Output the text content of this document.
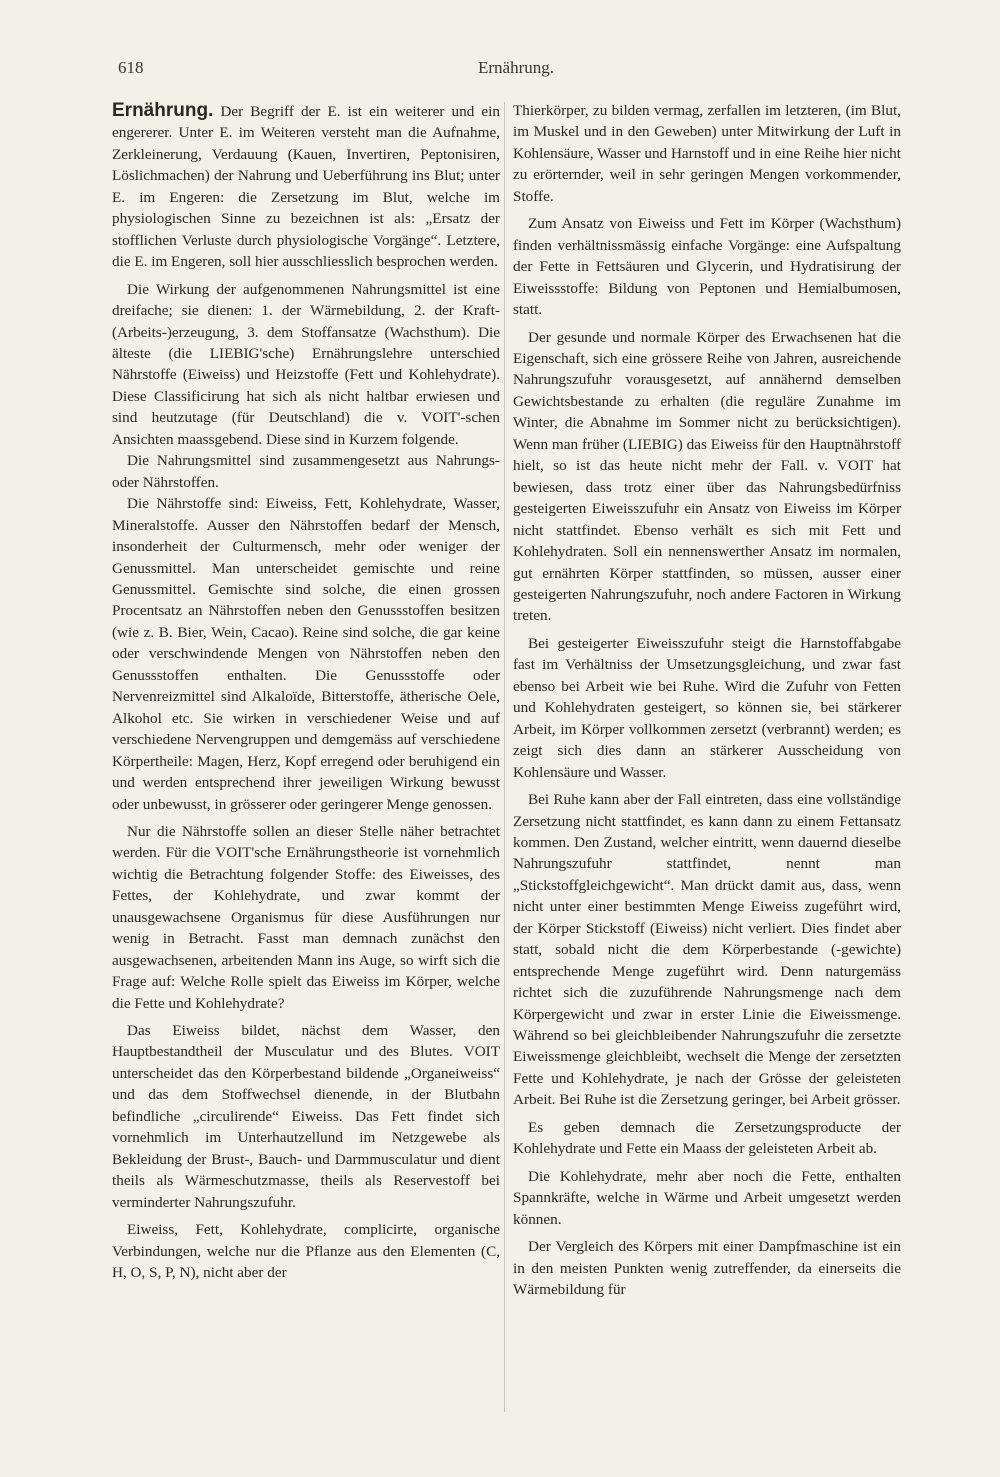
618	Ernährung.

Ernährung. Der Begriff der E. ist ein weiterer und ein engererer. Unter E. im Weiteren versteht man die Aufnahme, Zerkleinerung, Verdauung (Kauen, Invertiren, Peptonisiren, Löslichmachen) der Nahrung und Ueberführung ins Blut; unter E. im Engeren: die Zersetzung im Blut, welche im physiologischen Sinne zu bezeichnen ist als: „Ersatz der stofflichen Verluste durch physiologische Vorgänge“. Letztere, die E. im Engeren, soll hier ausschliesslich besprochen werden.

Die Wirkung der aufgenommenen Nahrungsmittel ist eine dreifache; sie dienen: 1. der Wärmebildung, 2. der Kraft-(Arbeits-)erzeugung, 3. dem Stoffansatze (Wachsthum). Die älteste (die LIEBIG'sche) Ernährungslehre unterschied Nährstoffe (Eiweiss) und Heizstoffe (Fett und Kohlehydrate). Diese Classificirung hat sich als nicht haltbar erwiesen und sind heutzutage (für Deutschland) die v. VOIT'-schen Ansichten maassgebend. Diese sind in Kurzem folgende.

Die Nahrungsmittel sind zusammengesetzt aus Nahrungs- oder Nährstoffen.

Die Nährstoffe sind: Eiweiss, Fett, Kohlehydrate, Wasser, Mineralstoffe. Ausser den Nährstoffen bedarf der Mensch, insonderheit der Culturmensch, mehr oder weniger der Genussmittel. Man unterscheidet gemischte und reine Genussmittel. Gemischte sind solche, die einen grossen Procentsatz an Nährstoffen neben den Genussstoffen besitzen (wie z. B. Bier, Wein, Cacao). Reine sind solche, die gar keine oder verschwindende Mengen von Nährstoffen neben den Genussstoffen enthalten. Die Genussstoffe oder Nervenreizmittel sind Alkaloïde, Bitterstoffe, ätherische Oele, Alkohol etc. Sie wirken in verschiedener Weise und auf verschiedene Nervengruppen und demgemäss auf verschiedene Körpertheile: Magen, Herz, Kopf erregend oder beruhigend ein und werden entsprechend ihrer jeweiligen Wirkung bewusst oder unbewusst, in grösserer oder geringerer Menge genossen.

Nur die Nährstoffe sollen an dieser Stelle näher betrachtet werden. Für die VOIT'sche Ernährungstheorie ist vornehmlich wichtig die Betrachtung folgender Stoffe: des Eiweisses, des Fettes, der Kohlehydrate, und zwar kommt der unausgewachsene Organismus für diese Ausführungen nur wenig in Betracht. Fasst man demnach zunächst den ausgewachsenen, arbeitenden Mann ins Auge, so wirft sich die Frage auf: Welche Rolle spielt das Eiweiss im Körper, welche die Fette und Kohlehydrate?

Das Eiweiss bildet, nächst dem Wasser, den Hauptbestandtheil der Musculatur und des Blutes. VOIT unterscheidet das den Körperbestand bildende „Organeiweiss“ und das dem Stoffwechsel dienende, in der Blutbahn befindliche „circulirende“ Eiweiss. Das Fett findet sich vornehmlich im Unterhautzellund im Netzgewebe als Bekleidung der Brust-, Bauch- und Darmmusculatur und dient theils als Wärmeschutzmasse, theils als Reservestoff bei verminderter Nahrungszufuhr.

Eiweiss, Fett, Kohlehydrate, complicirte, organische Verbindungen, welche nur die Pflanze aus den Elementen (C, H, O, S, P, N), nicht aber der

Thierkörper, zu bilden vermag, zerfallen im letzteren, (im Blut, im Muskel und in den Geweben) unter Mitwirkung der Luft in Kohlensäure, Wasser und Harnstoff und in eine Reihe hier nicht zu erörternder, weil in sehr geringen Mengen vorkommender, Stoffe.

Zum Ansatz von Eiweiss und Fett im Körper (Wachsthum) finden verhältnissmässig einfache Vorgänge: eine Aufspaltung der Fette in Fettsäuren und Glycerin, und Hydratisirung der Eiweissstoffe: Bildung von Peptonen und Hemialbumosen, statt.

Der gesunde und normale Körper des Erwachsenen hat die Eigenschaft, sich eine grössere Reihe von Jahren, ausreichende Nahrungszufuhr vorausgesetzt, auf annähernd demselben Gewichtsbestande zu erhalten (die reguläre Zunahme im Winter, die Abnahme im Sommer nicht zu berücksichtigen). Wenn man früher (LIEBIG) das Eiweiss für den Hauptnährstoff hielt, so ist das heute nicht mehr der Fall. v. VOIT hat bewiesen, dass trotz einer über das Nahrungsbedürfniss gesteigerten Eiweisszufuhr ein Ansatz von Eiweiss im Körper nicht stattfindet. Ebenso verhält es sich mit Fett und Kohlehydraten. Soll ein nennenswerther Ansatz im normalen, gut ernährten Körper stattfinden, so müssen, ausser einer gesteigerten Nahrungszufuhr, noch andere Factoren in Wirkung treten.

Bei gesteigerter Eiweisszufuhr steigt die Harnstoffabgabe fast im Verhältniss der Umsetzungsgleichung, und zwar fast ebenso bei Arbeit wie bei Ruhe. Wird die Zufuhr von Fetten und Kohlehydraten gesteigert, so können sie, bei stärkerer Arbeit, im Körper vollkommen zersetzt (verbrannt) werden; es zeigt sich dies dann an stärkerer Ausscheidung von Kohlensäure und Wasser.

Bei Ruhe kann aber der Fall eintreten, dass eine vollständige Zersetzung nicht stattfindet, es kann dann zu einem Fettansatz kommen. Den Zustand, welcher eintritt, wenn dauernd dieselbe Nahrungszufuhr stattfindet, nennt man „Stickstoffgleichgewicht“. Man drückt damit aus, dass, wenn nicht unter einer bestimmten Menge Eiweiss zugeführt wird, der Körper Stickstoff (Eiweiss) nicht verliert. Dies findet aber statt, sobald nicht die dem Körperbestande (-gewichte) entsprechende Menge zugeführt wird. Denn naturgemäss richtet sich die zuzuführende Nahrungsmenge nach dem Körpergewicht und zwar in erster Linie die Eiweissmenge. Während so bei gleichbleibender Nahrungszufuhr die zersetzte Eiweissmenge gleichbleibt, wechselt die Menge der zersetzten Fette und Kohlehydrate, je nach der Grösse der geleisteten Arbeit. Bei Ruhe ist die Zersetzung geringer, bei Arbeit grösser.

Es geben demnach die Zersetzungsproducte der Kohlehydrate und Fette ein Maass der geleisteten Arbeit ab.

Die Kohlehydrate, mehr aber noch die Fette, enthalten Spannkräfte, welche in Wärme und Arbeit umgesetzt werden können.

Der Vergleich des Körpers mit einer Dampfmaschine ist ein in den meisten Punkten wenig zutreffender, da einerseits die Wärmebildung für
